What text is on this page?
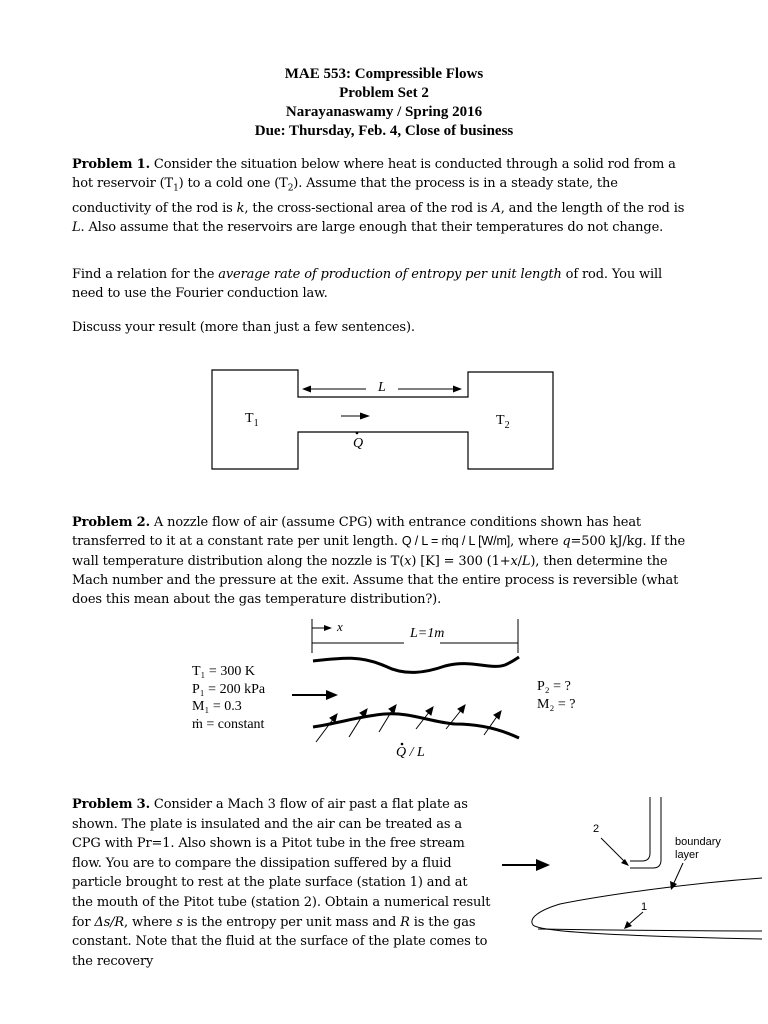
MAE 553: Compressible Flows
Problem Set 2
Narayanaswamy / Spring 2016
Due: Thursday, Feb. 4, Close of business
Problem 1. Consider the situation below where heat is conducted through a solid rod from a hot reservoir $(T_1)$ to a cold one $(T_2)$. Assume that the process is in a steady state, the conductivity of the rod is k, the cross-sectional area of the rod is A, and the length of the rod is L. Also assume that the reservoirs are large enough that their temperatures do not change.
Find a relation for the average rate of production of entropy per unit length of rod. You will need to use the Fourier conduction law.
Discuss your result (more than just a few sentences).
L
$T_1$	$T_2$
Q
Problem 2. A nozzle flow of air (assume CPG) with entrance conditions shown has heat transferred to it at a constant rate per unit length. Q / L = ṁq / L [W/m], where q=500 kJ/kg. If the wall temperature distribution along the nozzle is T(x) [K] = 300 (1+x/L), then determine the Mach number and the pressure at the exit. Assume that the entire process is reversible (what does this mean about the gas temperature distribution?).
x	L=1m
T₁ = 300 K
P₁ = 200 kPa
M₁ = 0.3
ṁ = constant
P₂ = ?
M₂ = ?
Q / L
Problem 3. Consider a Mach 3 flow of air past a flat plate as shown. The plate is insulated and the air can be treated as a CPG with Pr=1. Also shown is a Pitot tube in the free stream flow. You are to compare the dissipation suffered by a fluid particle brought to rest at the plate surface (station 1) and at the mouth of the Pitot tube (station 2). Obtain a numerical result for Δs/R, where s is the entropy per unit mass and R is the gas constant. Note that the fluid at the surface of the plate comes to the recovery
2
1
boundary
layer
